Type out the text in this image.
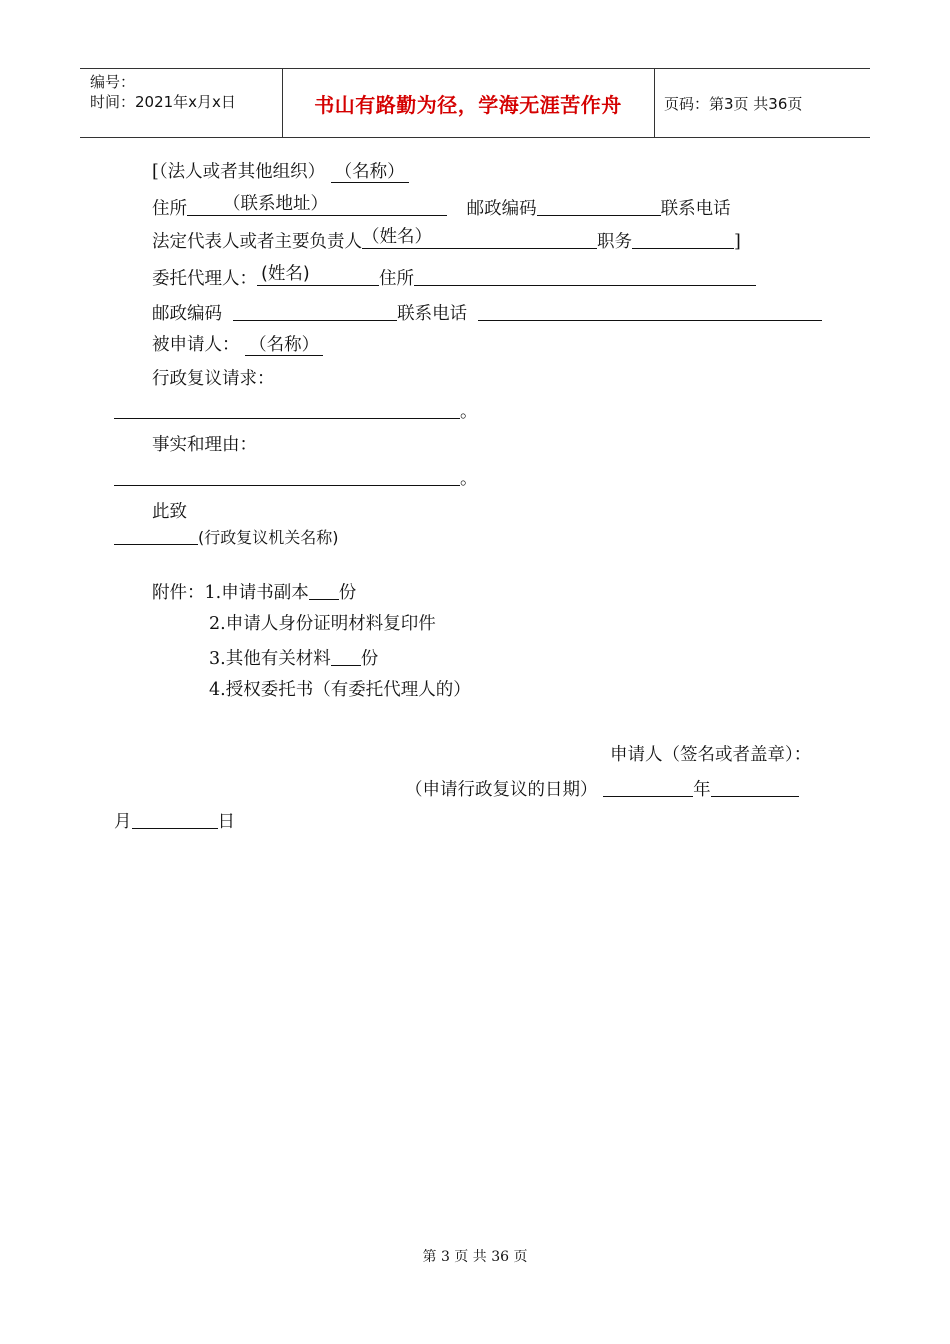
编号：
时间：2021年x月x日	书山有路勤为径，学海无涯苦作舟	页码：第3页 共36页
[（法人或者其他组织） （名称）
住所 （联系地址）	邮政编码	联系电话
法定代表人或者主要负责人 （姓名）	职务	]
委托代理人： (姓名)	住所
邮政编码	联系电话
被申请人： （名称）
行政复议请求：
。
事实和理由：
。
此致
(行政复议机关名称)
附件：1.申请书副本 份
2.申请人身份证明材料复印件
3.其他有关材料 份
4.授权委托书（有委托代理人的）
申请人（签名或者盖章）：
（申请行政复议的日期）	年
月	日
第 3 页 共 36 页
